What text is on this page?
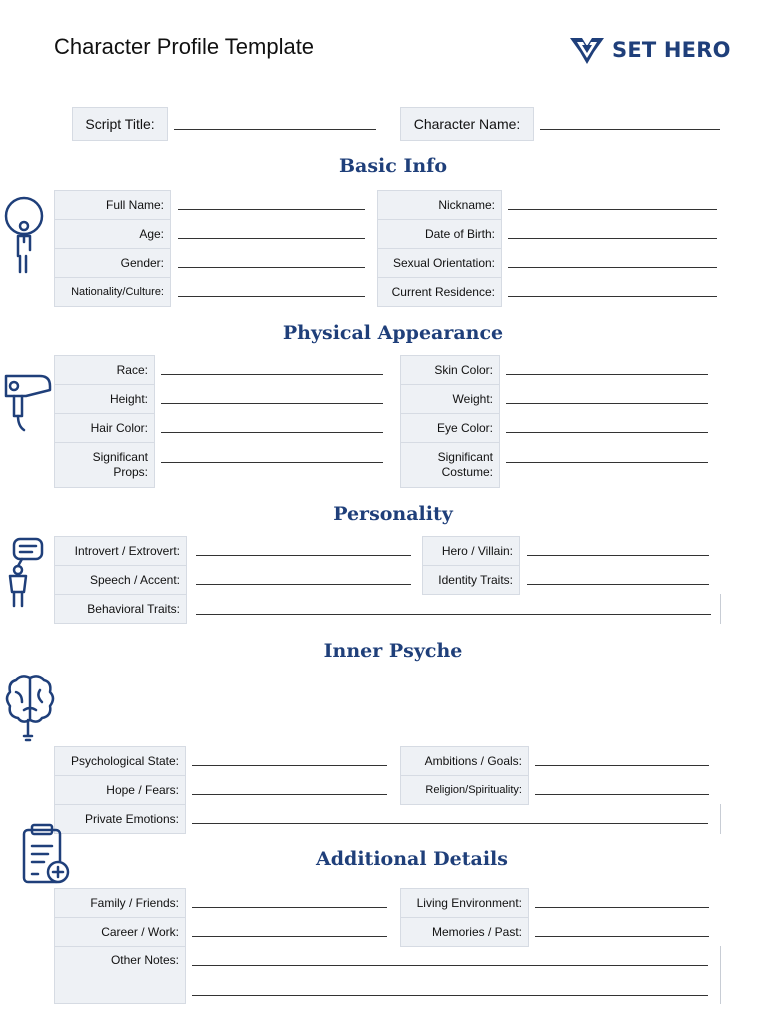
Character Profile Template	SET HERO
Script Title:	Character Name:
Basic Info
Full Name:
Age:
Gender:
Nationality/Culture:
Nickname:
Date of Birth:
Sexual Orientation:
Current Residence:
Physical Appearance
Race:
Height:
Hair Color:
Significant
Props:
Skin Color:
Weight:
Eye Color:
Significant
Costume:
Personality
Introvert / Extrovert:
Speech / Accent:
Behavioral Traits:
Hero / Villain:
Identity Traits:
Inner Psyche
Psychological State:
Hope / Fears:
Private Emotions:
Ambitions / Goals:
Religion/Spirituality:
Additional Details
Family / Friends:
Career / Work:
Other Notes:
Living Environment:
Memories / Past:
